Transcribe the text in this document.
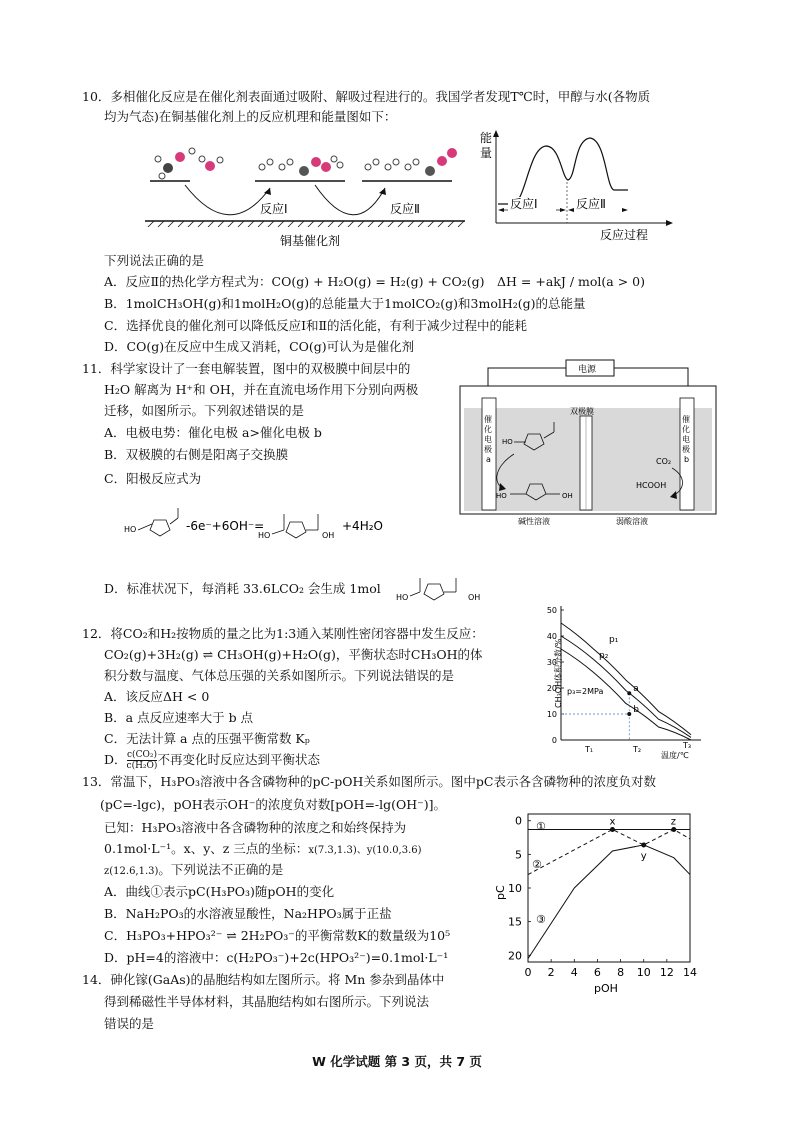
10．多相催化反应是在催化剂表面通过吸附、解吸过程进行的。我国学者发现T℃时，甲醇与水(各物质
均为气态)在铜基催化剂上的反应机理和能量图如下：
反应Ⅰ	反应Ⅱ
铜基催化剂
能
量
反应Ⅰ	反应Ⅱ
反应过程
下列说法正确的是
A．反应Ⅱ的热化学方程式为：CO(g) + H₂O(g) = H₂(g) + CO₂(g)　ΔH = +akJ / mol(a > 0)
B．1molCH₃OH(g)和1molH₂O(g)的总能量大于1molCO₂(g)和3molH₂(g)的总能量
C．选择优良的催化剂可以降低反应Ⅰ和Ⅱ的活化能，有利于减少过程中的能耗
D．CO(g)在反应中生成又消耗，CO(g)可认为是催化剂
11．科学家设计了一套电解装置，图中的双极膜中间层中的
H₂O 解离为 H⁺和 OH，并在直流电场作用下分别向两极
迁移，如图所示。下列叙述错误的是
A．电极电势：催化电极 a>催化电极 b
B．双极膜的右侧是阳离子交换膜
C．阳极反应式为
电源
双极膜
催
化
电
极
a
催
化
电
极
b
HO
HO	OH
CO₂
HCOOH
碱性溶液	弱酸溶液
HO	-6e⁻+6OH⁻=
HO	OH
+4H₂O
D．标准状况下，每消耗 33.6LCO₂ 会生成 1mol
HO	OH
12．将CO₂和H₂按物质的量之比为1:3通入某刚性密闭容器中发生反应：
CO₂(g)+3H₂(g) ⇌ CH₃OH(g)+H₂O(g)，平衡状态时CH₃OH的体
积分数与温度、气体总压强的关系如图所示。下列说法错误的是
A．该反应ΔH < 0
B．a 点反应速率大于 b 点
C．无法计算 a 点的压强平衡常数 Kₚ
D． $\frac{\text{c(CO₂)}}{\text{c(H₂O)}}$ 不再变化时反应达到平衡状态
CH₃OH体积分数/%
0
10
20
30
40
50
a
b
p₁
p₂
p₃=2MPa
T₁	T₂	T₃
温度/℃
13．常温下，H₃PO₃溶液中各含磷物种的pC-pOH关系如图所示。图中pC表示各含磷物种的浓度负对数
(pC=-lgc)，pOH表示OH⁻的浓度负对数[pOH=-lg(OH⁻)]。
已知：H₃PO₃溶液中各含磷物种的浓度之和始终保持为
0.1mol·L⁻¹。x、y、z 三点的坐标：x(7.3,1.3)、y(10.0,3.6)
z(12.6,1.3)。下列说法不正确的是
A．曲线①表示pC(H₃PO₃)随pOH的变化
B．NaH₂PO₃的水溶液显酸性，Na₂HPO₃属于正盐
C．H₃PO₃+HPO₃²⁻ ⇌ 2H₂PO₃⁻的平衡常数K的数量级为10⁵
D．pH=4的溶液中：c(H₂PO₃⁻)+2c(HPO₃²⁻)=0.1mol·L⁻¹
pC
0
5
10
15
20
0 2 4 6 8 10 12 14
x
y
z
①
②
③
pOH
14．砷化镓(GaAs)的晶胞结构如左图所示。将 Mn 参杂到晶体中
得到稀磁性半导体材料，其晶胞结构如右图所示。下列说法
错误的是
W 化学试题 第 3 页，共 7 页
